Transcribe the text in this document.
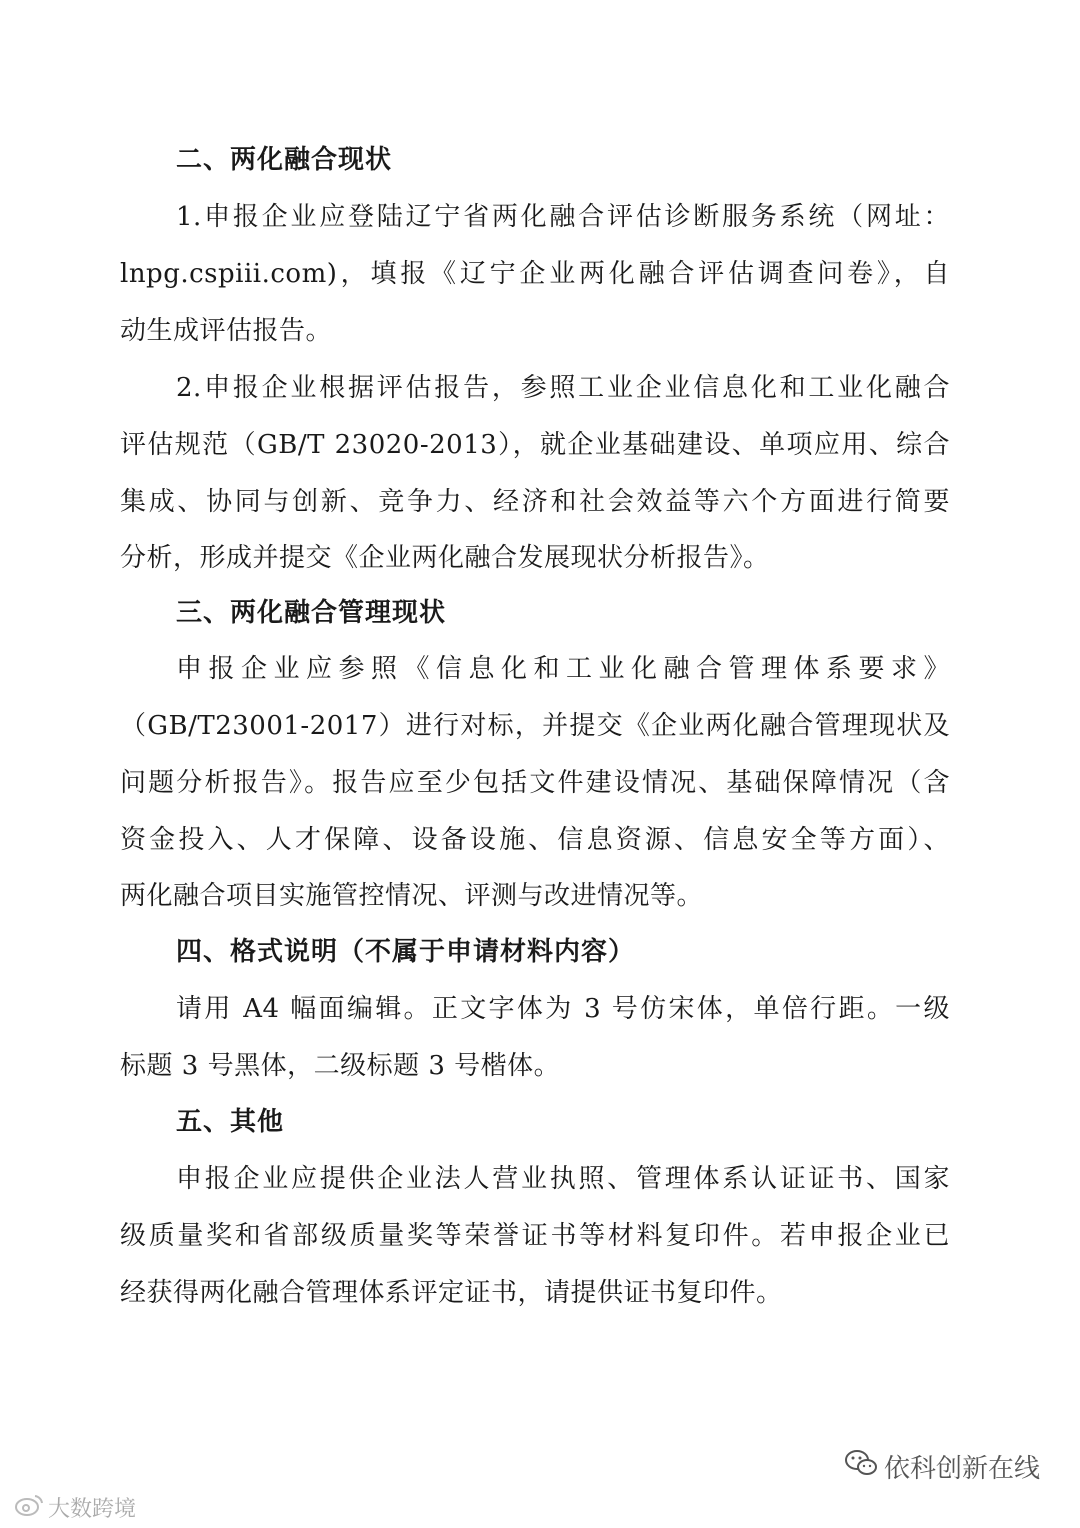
二、两化融合现状
1.申报企业应登陆辽宁省两化融合评估诊断服务系统（网址：
lnpg.cspiii.com)，填报《辽宁企业两化融合评估调查问卷》，自
动生成评估报告。
2.申报企业根据评估报告，参照工业企业信息化和工业化融合
评估规范（GB/T 23020-2013），就企业基础建设、单项应用、综合
集成、协同与创新、竞争力、经济和社会效益等六个方面进行简要
分析，形成并提交《企业两化融合发展现状分析报告》。
三、两化融合管理现状
申报企业应参照《信息化和工业化融合管理体系要求》
（GB/T23001-2017）进行对标，并提交《企业两化融合管理现状及
问题分析报告》。报告应至少包括文件建设情况、基础保障情况（含
资金投入、人才保障、设备设施、信息资源、信息安全等方面）、
两化融合项目实施管控情况、评测与改进情况等。
四、格式说明（不属于申请材料内容）
请用 A4 幅面编辑。正文字体为 3 号仿宋体，单倍行距。一级
标题 3 号黑体，二级标题 3 号楷体。
五、其他
申报企业应提供企业法人营业执照、管理体系认证证书、国家
级质量奖和省部级质量奖等荣誉证书等材料复印件。若申报企业已
经获得两化融合管理体系评定证书，请提供证书复印件。
依科创新在线
大数跨境
